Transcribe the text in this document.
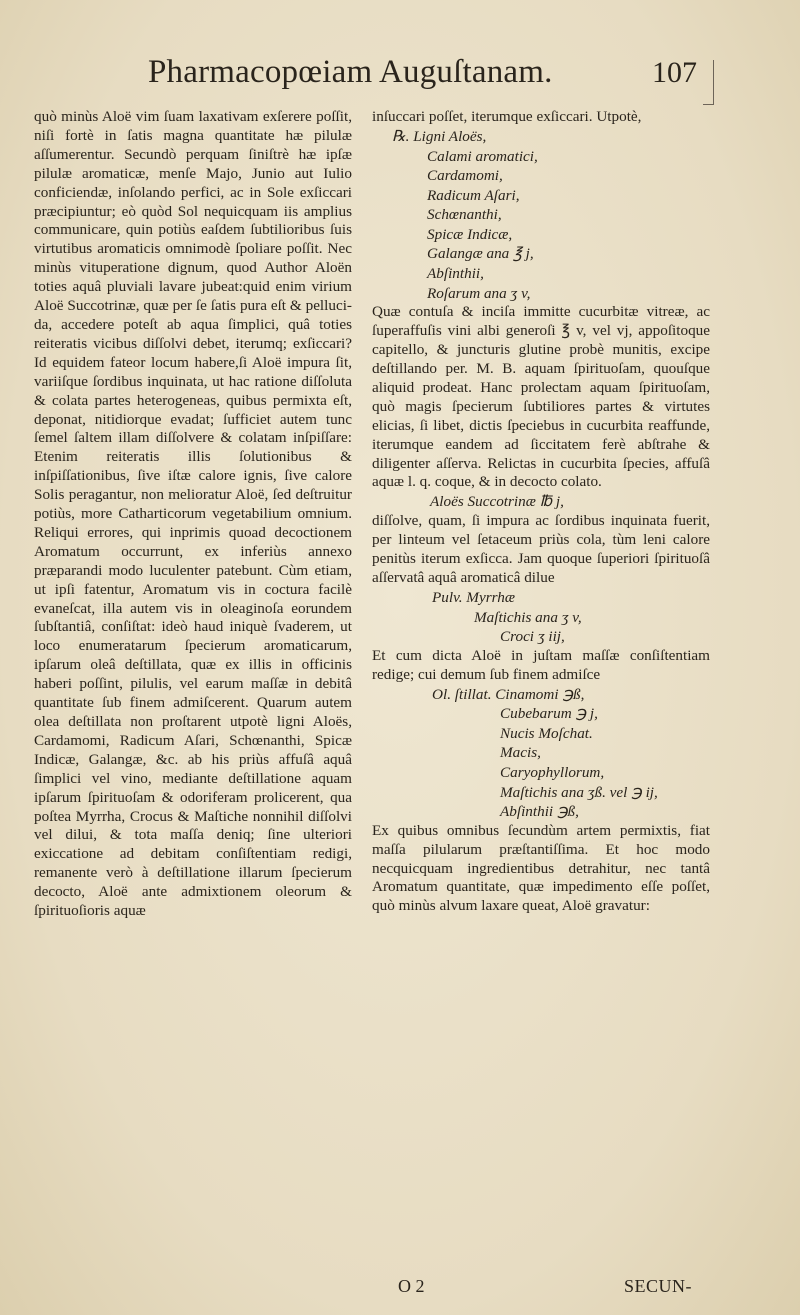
Pharmacopœiam Auguſtanam.	107

quò minùs Aloë vim ſuam laxativam exſerere poſſit, niſi fortè in ſatis magna quantitate hæ pilulæ aſſumerentur. Secundò perquam ſiniſtrè hæ ipſæ pilulæ aromaticæ, menſe Majo, Junio aut Iulio conficiendæ, inſolando perfici, ac in Sole exſiccari præcipiuntur; eò quòd Sol nequicquam iis amplius communicare, quin potiùs eaſdem ſubtilioribus ſuis virtutibus aromaticis omnimodè ſpoliare poſſit. Nec minùs vituperatione dignum, quod Author Aloën toties aquâ pluviali lavare jubeat:quid enim virium Aloë Succotrinæ, quæ per ſe ſatis pura eſt & pelluci-da, accedere poteſt ab aqua ſimplici, quâ toties reiteratis vicibus diſſolvi debet, iterumq; exſiccari? Id equidem fateor locum habere,ſi Aloë impura ſit, variiſque ſordibus inquinata, ut hac ratione diſſoluta & colata partes heterogeneas, quibus permixta eſt, deponat, nitidiorque evadat; ſufficiet autem tunc ſemel ſaltem illam diſſolvere & colatam inſpiſſare: Etenim reiteratis illis ſolutionibus & inſpiſſationibus, ſive iſtæ calore ignis, ſive calore Solis peragantur, non melioratur Aloë, ſed deſtruitur potiùs, more Catharticorum vegetabilium omnium. Reliqui errores, qui inprimis quoad decoctionem Aromatum occurrunt, ex inferiùs annexo præparandi modo luculenter patebunt. Cùm etiam, ut ipſi fatentur, Aromatum vis in coctura facilè evaneſcat, illa autem vis in oleaginoſa eorundem ſubſtantiâ, conſiſtat: ideò haud iniquè ſvaderem, ut loco enumeratarum ſpecierum aromaticarum, ipſarum oleâ deſtillata, quæ ex illis in officinis haberi poſſint, pilulis, vel earum maſſæ in debitâ quantitate ſub finem admiſcerent. Quarum autem olea deſtillata non proſtarent utpotè ligni Aloës, Cardamomi, Radicum Aſari, Schœnanthi, Spicæ Indicæ, Galangæ, &c. ab his priùs affuſâ aquâ ſimplici vel vino, mediante deſtillatione aquam ipſarum ſpirituoſam & odoriferam prolicerent, qua poſtea Myrrha, Crocus & Maſtiche nonnihil diſſolvi vel dilui, & tota maſſa deniq; ſine ulteriori exiccatione ad debitam conſiſtentiam redigi, remanente verò à deſtillatione illarum ſpecierum decocto, Aloë ante admixtionem oleorum & ſpirituoſioris aquæ

inſuccari poſſet, iterumque exſiccari. Utpotè,

℞. Ligni Aloës,
Calami aromatici,
Cardamomi,
Radicum Aſari,
Schœnanthi,
Spicæ Indicæ,
Galangæ ana ℥ j,
Abſinthii,
Roſarum ana ʒ v,

Quæ contuſa & inciſa immitte cucurbitæ vitreæ, ac ſuperaffuſis vini albi generoſi ℥ v, vel vj, appoſitoque capitello, & juncturis glutine probè munitis, excipe deſtillando per. M. B. aquam ſpirituoſam, quouſque aliquid prodeat. Hanc prolectam aquam ſpirituoſam, quò magis ſpecierum ſubtiliores partes & virtutes elicias, ſi libet, dictis ſpeciebus in cucurbita reaffunde, iterumque eandem ad ſiccitatem ferè abſtrahe & diligenter aſſerva. Relictas in cucurbita ſpecies, affuſâ aquæ l. q. coque, & in decocto colato.

Aloës Succotrinæ ℔ j,

diſſolve, quam, ſi impura ac ſordibus inquinata fuerit, per linteum vel ſetaceum priùs cola, tùm leni calore penitùs iterum exſicca. Jam quoque ſuperiori ſpirituoſâ aſſervatâ aquâ aromaticâ dilue

Pulv. Myrrhæ
Maſtichis ana ʒ v,
Croci ʒ iij,

Et cum dicta Aloë in juſtam maſſæ conſiſtentiam redige; cui demum ſub finem admiſce

Ol. ſtillat. Cinamomi ℈ß,
Cubebarum ℈ j,
Nucis Moſchat.
Macis,
Caryophyllorum,
Maſtichis ana ʒß. vel ℈ ij,
Abſinthii ℈ß,

Ex quibus omnibus ſecundùm artem permixtis, fiat maſſa pilularum præſtantiſſima. Et hoc modo necquicquam ingredientibus detrahitur, nec tantâ Aromatum quantitate, quæ impedimento eſſe poſſet, quò minùs alvum laxare queat, Aloë gravatur:

O 2	SECUN-
